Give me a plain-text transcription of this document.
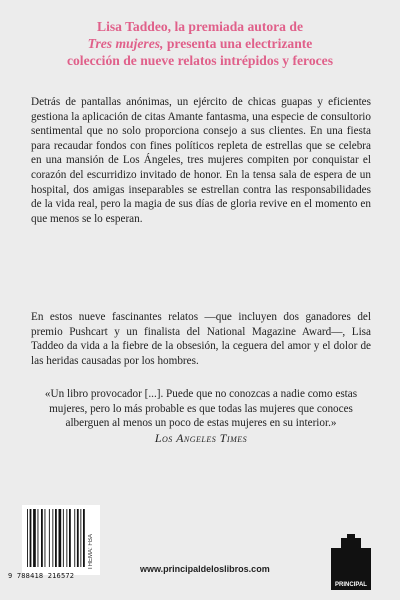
Lisa Taddeo, la premiada autora de
Tres mujeres, presenta una electrizante
colección de nueve relatos intrépidos y feroces

Detrás de pantallas anónimas, un ejército de chicas guapas y eficientes gestiona la aplicación de citas Amante fantasma, una especie de consultorio sentimental que no solo proporciona consejo a sus clientes. En una fiesta para recaudar fondos con fines políticos repleta de estrellas que se celebra en una mansión de Los Ángeles, tres mujeres compiten por conquistar el corazón del escurridizo invitado de honor. En la tensa sala de espera de un hospital, dos amigas inseparables se estrellan contra las responsabilidades de la vida real, pero la magia de sus días de gloria revive en el momento en que menos se lo esperan.

En estos nueve fascinantes relatos —que incluyen dos ganadores del premio Pushcart y un finalista del National Magazine Award—, Lisa Taddeo da vida a la fiebre de la obsesión, la ceguera del amor y el dolor de las heridas causadas por los hombres.

«Un libro provocador [...]. Puede que no conozcas a nadie como estas mujeres, pero lo más probable es que todas las mujeres que conoces alberguen al menos un poco de estas mujeres en su interior.»
Los Angeles Times

9 788418 216572
THEMA: FBA	www.principaldeloslibros.com
PRINCIPAL
